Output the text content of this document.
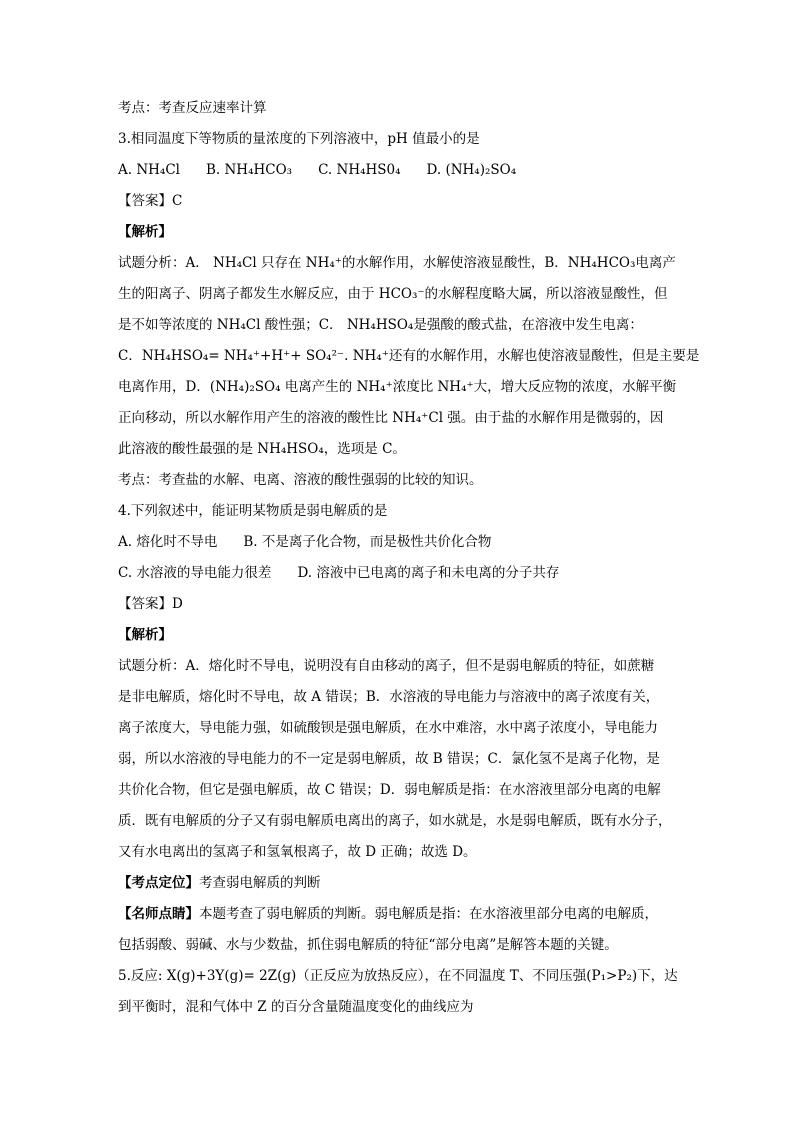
考点：考查反应速率计算

3.相同温度下等物质的量浓度的下列溶液中，pH 值最小的是

A. NH₄Cl B. NH₄HCO₃ C. NH₄HS0₄ D. (NH₄)₂SO₄

【答案】C

【解析】

试题分析：A． NH₄Cl 只存在 NH₄⁺的水解作用，水解使溶液显酸性，B．NH₄HCO₃电离产

生的阳离子、阴离子都发生水解反应，由于 HCO₃⁻的水解程度略大属，所以溶液显酸性，但

是不如等浓度的 NH₄Cl 酸性强；C． NH₄HSO₄是强酸的酸式盐，在溶液中发生电离：

C．NH₄HSO₄= NH₄⁺+H⁺+ SO₄²⁻. NH₄⁺还有的水解作用，水解也使溶液显酸性，但是主要是

电离作用，D．(NH₄)₂SO₄ 电离产生的 NH₄⁺浓度比 NH₄⁺大，增大反应物的浓度，水解平衡

正向移动，所以水解作用产生的溶液的酸性比 NH₄⁺Cl 强。由于盐的水解作用是微弱的，因

此溶液的酸性最强的是 NH₄HSO₄，选项是 C。

考点：考查盐的水解、电离、溶液的酸性强弱的比较的知识。

4.下列叙述中，能证明某物质是弱电解质的是

A. 熔化时不导电 B. 不是离子化合物，而是极性共价化合物

C. 水溶液的导电能力很差 D. 溶液中已电离的离子和未电离的分子共存

【答案】D

【解析】

试题分析：A．熔化时不导电，说明没有自由移动的离子，但不是弱电解质的特征，如蔗糖

是非电解质，熔化时不导电，故 A 错误；B．水溶液的导电能力与溶液中的离子浓度有关，

离子浓度大，导电能力强，如硫酸钡是强电解质，在水中难溶，水中离子浓度小，导电能力

弱，所以水溶液的导电能力的不一定是弱电解质，故 B 错误；C．氯化氢不是离子化物，是

共价化合物，但它是强电解质，故 C 错误；D．弱电解质是指：在水溶液里部分电离的电解

质．既有电解质的分子又有弱电解质电离出的离子，如水就是，水是弱电解质，既有水分子，

又有水电离出的氢离子和氢氧根离子，故 D 正确；故选 D。

【考点定位】考查弱电解质的判断

【名师点睛】本题考查了弱电解质的判断。弱电解质是指：在水溶液里部分电离的电解质，

包括弱酸、弱碱、水与少数盐，抓住弱电解质的特征“部分电离”是解答本题的关键。

5.反应: X(g)+3Y(g)= 2Z(g)（正反应为放热反应），在不同温度 T、不同压强(P₁>P₂)下，达

到平衡时，混和气体中 Z 的百分含量随温度变化的曲线应为
